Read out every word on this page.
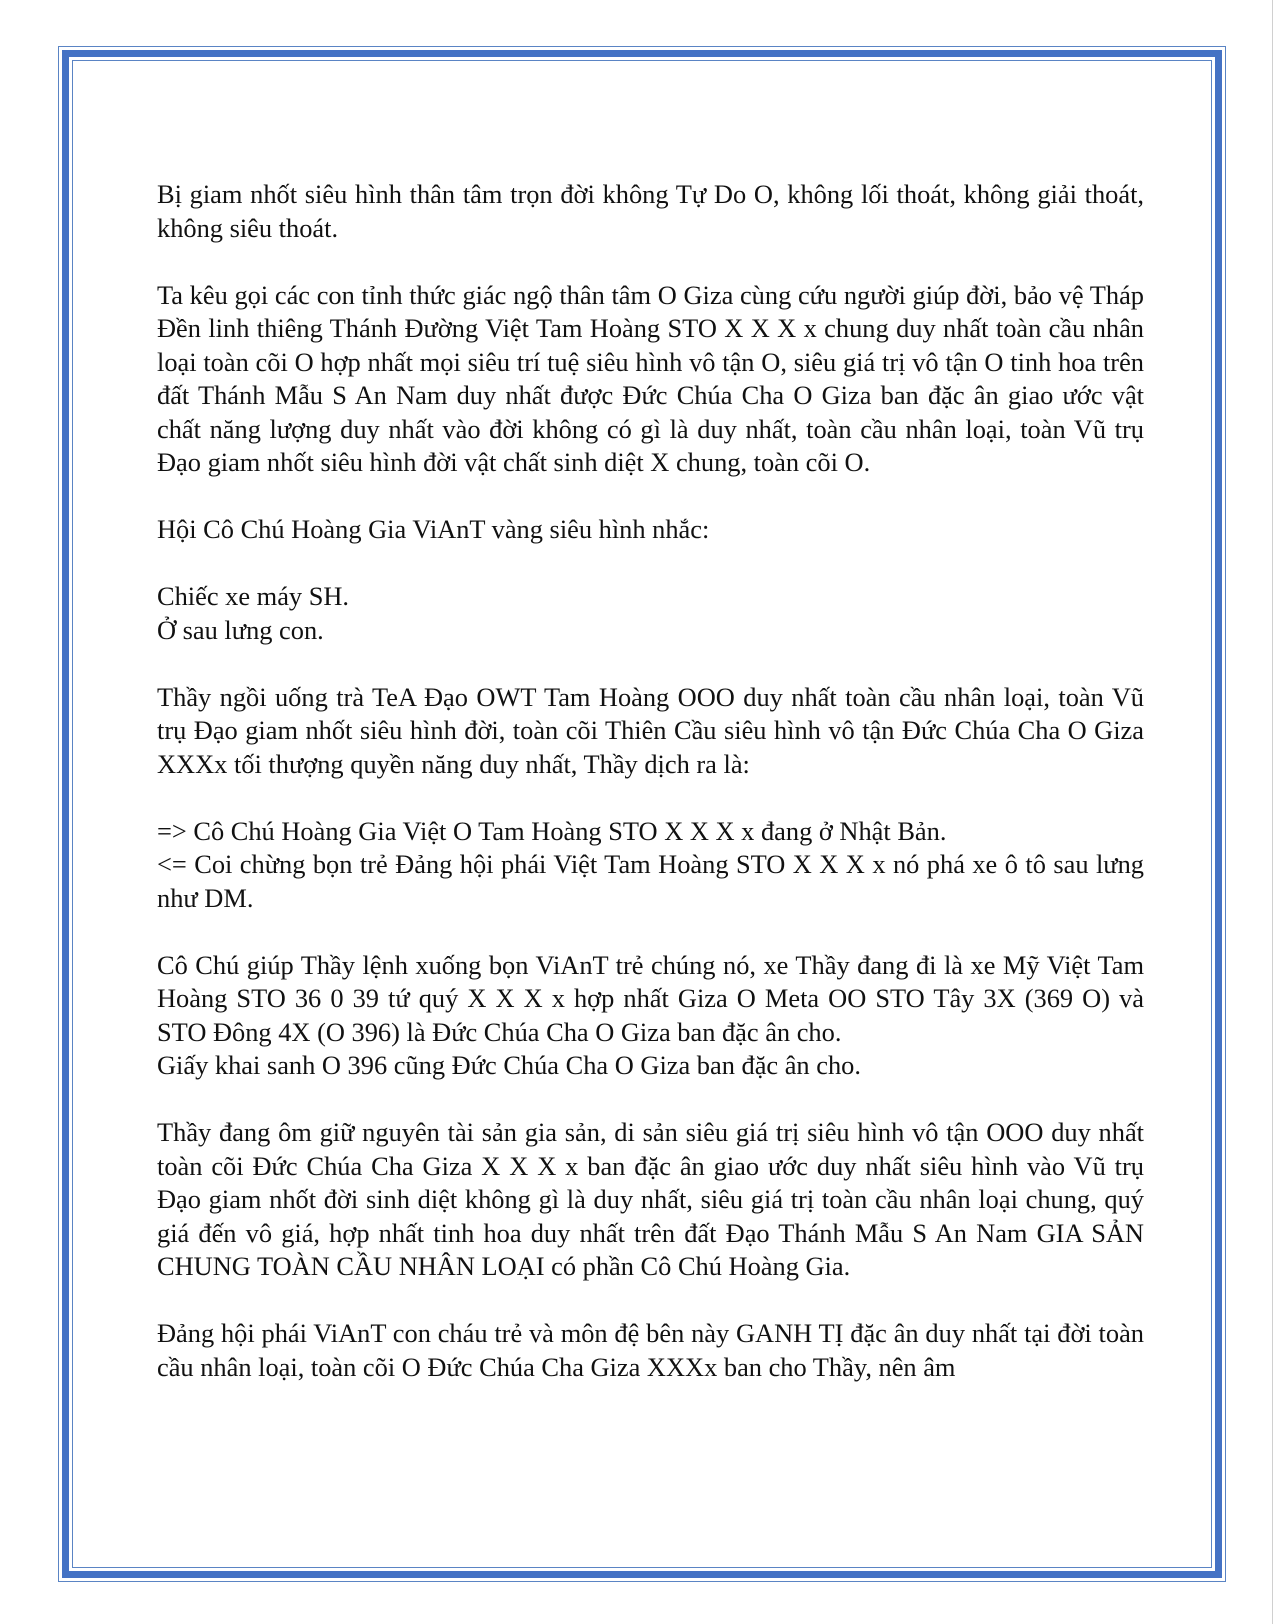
Bị giam nhốt siêu hình thân tâm trọn đời không Tự Do O, không lối thoát, không giải thoát, không siêu thoát.

Ta kêu gọi các con tỉnh thức giác ngộ thân tâm O Giza cùng cứu người giúp đời, bảo vệ Tháp Đền linh thiêng Thánh Đường Việt Tam Hoàng STO X X X x chung duy nhất toàn cầu nhân loại toàn cõi O hợp nhất mọi siêu trí tuệ siêu hình vô tận O, siêu giá trị vô tận O tinh hoa trên đất Thánh Mẫu S An Nam duy nhất được Đức Chúa Cha O Giza ban đặc ân giao ước vật chất năng lượng duy nhất vào đời không có gì là duy nhất, toàn cầu nhân loại, toàn Vũ trụ Đạo giam nhốt siêu hình đời vật chất sinh diệt X chung, toàn cõi O.

Hội Cô Chú Hoàng Gia ViAnT vàng siêu hình nhắc:

Chiếc xe máy SH.
Ở sau lưng con.

Thầy ngồi uống trà TeA Đạo OWT Tam Hoàng OOO duy nhất toàn cầu nhân loại, toàn Vũ trụ Đạo giam nhốt siêu hình đời, toàn cõi Thiên Cầu siêu hình vô tận Đức Chúa Cha O Giza XXXx tối thượng quyền năng duy nhất, Thầy dịch ra là:

=> Cô Chú Hoàng Gia Việt O Tam Hoàng STO X X X x đang ở Nhật Bản.
<= Coi chừng bọn trẻ Đảng hội phái Việt Tam Hoàng STO X X X x nó phá xe ô tô sau lưng như DM.

Cô Chú giúp Thầy lệnh xuống bọn ViAnT trẻ chúng nó, xe Thầy đang đi là xe Mỹ Việt Tam Hoàng STO 36 0 39 tứ quý X X X x hợp nhất Giza O Meta OO STO Tây 3X (369 O) và STO Đông 4X (O 396) là Đức Chúa Cha O Giza ban đặc ân cho.
Giấy khai sanh O 396 cũng Đức Chúa Cha O Giza ban đặc ân cho.

Thầy đang ôm giữ nguyên tài sản gia sản, di sản siêu giá trị siêu hình vô tận OOO duy nhất toàn cõi Đức Chúa Cha Giza X X X x ban đặc ân giao ước duy nhất siêu hình vào Vũ trụ Đạo giam nhốt đời sinh diệt không gì là duy nhất, siêu giá trị toàn cầu nhân loại chung, quý giá đến vô giá, hợp nhất tinh hoa duy nhất trên đất Đạo Thánh Mẫu S An Nam GIA SẢN CHUNG TOÀN CẦU NHÂN LOẠI có phần Cô Chú Hoàng Gia.

Đảng hội phái ViAnT con cháu trẻ và môn đệ bên này GANH TỊ đặc ân duy nhất tại đời toàn cầu nhân loại, toàn cõi O Đức Chúa Cha Giza XXXx ban cho Thầy, nên âm
